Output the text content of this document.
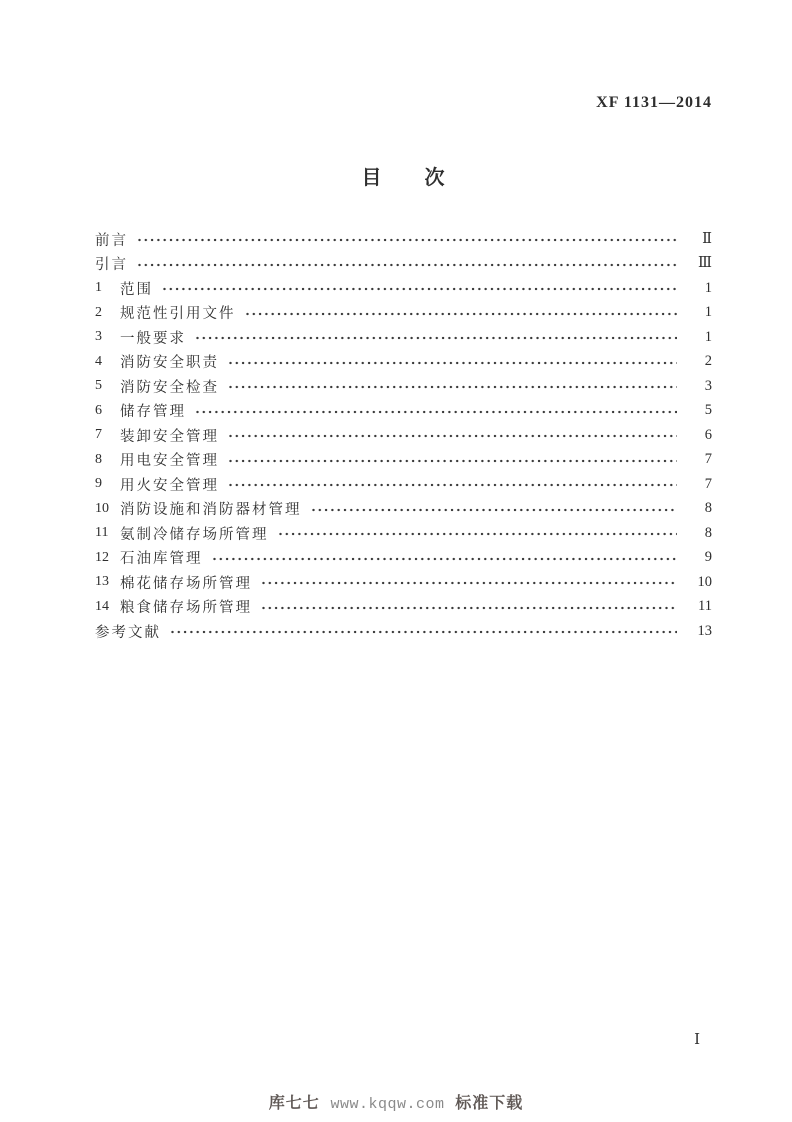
XF 1131—2014
目　　次
前言	Ⅱ
引言	Ⅲ
1	范围	1
2	规范性引用文件	1
3	一般要求	1
4	消防安全职责	2
5	消防安全检查	3
6	储存管理	5
7	装卸安全管理	6
8	用电安全管理	7
9	用火安全管理	7
10 消防设施和消防器材管理	8
11 氨制冷储存场所管理	8
12 石油库管理	9
13 棉花储存场所管理	10
14 粮食储存场所管理	11
参考文献	13
Ⅰ
库七七 www.kqqw.com 标准下载
